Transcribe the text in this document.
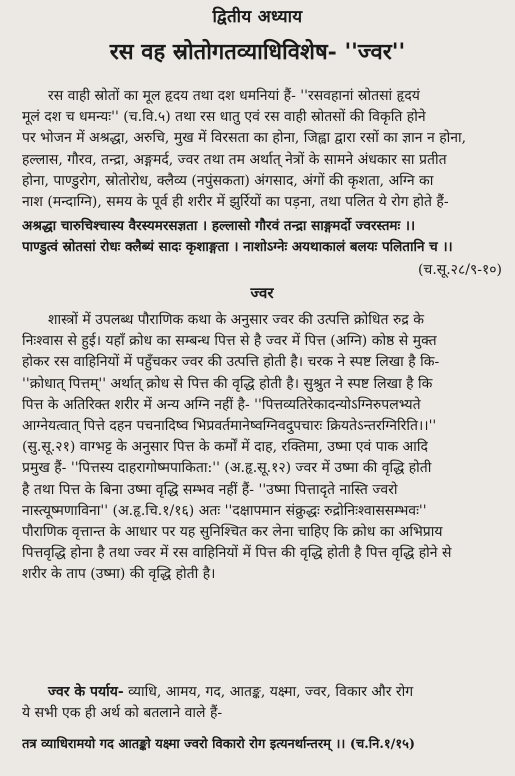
द्वितीय अध्याय
रस वह स्रोतोगतव्याधिविशेष- ''ज्वर''
रस वाही स्रोतों का मूल हृदय तथा दश धमनियां हैं- ''रसवहानां स्रोतसां हृदयं
मूलं दश च धमन्यः'' (च.वि.५) तथा रस धातु एवं रस वाही स्रोतसों की विकृति होने
पर भोजन में अश्रद्धा, अरुचि, मुख में विरसता का होना, जिह्वा द्वारा रसों का ज्ञान न होना,
हल्लास, गौरव, तन्द्रा, अङ्गमर्द, ज्वर तथा तम अर्थात् नेत्रों के सामने अंधकार सा प्रतीत
होना, पाण्डुरोग, स्रोतोरोध, क्लैव्य (नपुंसकता) अंगसाद, अंगों की कृशता, अग्नि का
नाश (मन्दाग्नि), समय के पूर्व ही शरीर में झुर्रियों का पड़ना, तथा पलित ये रोग होते हैं-
अश्रद्धा चारुचिश्चास्य वैरस्यमरसज्ञता । हल्लासो गौरवं तन्द्रा साङ्गमर्दो ज्वरस्तमः ।।
पाण्डुत्वं स्रोतसां रोधः क्लैब्यं सादः कृशाङ्गता । नाशोऽग्नेः अयथाकालं बलयः पलितानि च ।।
(च.सू.२८/९-१०)
ज्वर
शास्त्रों में उपलब्ध पौराणिक कथा के अनुसार ज्वर की उत्पत्ति क्रोधित रुद्र के
निःश्वास से हुई। यहाँ क्रोध का सम्बन्ध पित्त से है ज्वर में पित्त (अग्नि) कोष्ठ से मुक्त
होकर रस वाहिनियों में पहुँचकर ज्वर की उत्पत्ति होती है। चरक ने स्पष्ट लिखा है कि-
''क्रोधात् पित्तम्'' अर्थात् क्रोध से पित्त की वृद्धि होती है। सुश्रुत ने स्पष्ट लिखा है कि
पित्त के अतिरिक्त शरीर में अन्य अग्नि नहीं है- ''पित्तव्यतिरेकादन्योऽग्निरुपलभ्यते
आग्नेयत्वात् पित्ते दहन पचनादिष्व भिप्रवर्तमानेष्वग्निवदुपचारः क्रियतेऽन्तरग्निरिति।।''
(सु.सू.२१) वाग्भट्ट के अनुसार पित्त के कर्मों में दाह, रक्तिमा, उष्मा एवं पाक आदि
प्रमुख हैं- ''पित्तस्य दाहरागोष्मपाकिता:'' (अ.हृ.सू.१२) ज्वर में उष्मा की वृद्धि होती
है तथा पित्त के बिना उष्मा वृद्धि सम्भव नहीं हैं- ''उष्मा पित्तादृते नास्ति ज्वरो
नास्त्यूष्मणाविना'' (अ.हृ.चि.१/१६) अतः ''दक्षापमान संक्रुद्धः रुद्रोनिःश्वाससम्भवः''
पौराणिक वृत्तान्त के आधार पर यह सुनिश्चित कर लेना चाहिए कि क्रोध का अभिप्राय
पित्तवृद्धि होना है तथा ज्वर में रस वाहिनियों में पित्त की वृद्धि होती है पित्त वृद्धि होने से
शरीर के ताप (उष्मा) की वृद्धि होती है।
ज्वर के पर्याय- व्याधि, आमय, गद, आतङ्क, यक्ष्मा, ज्वर, विकार और रोग
ये सभी एक ही अर्थ को बतलाने वाले हैं-
तत्र व्याधिरामयो गद आतङ्को यक्ष्मा ज्वरो विकारो रोग इत्यनर्थान्तरम् ।। (च.नि.१/१५)
